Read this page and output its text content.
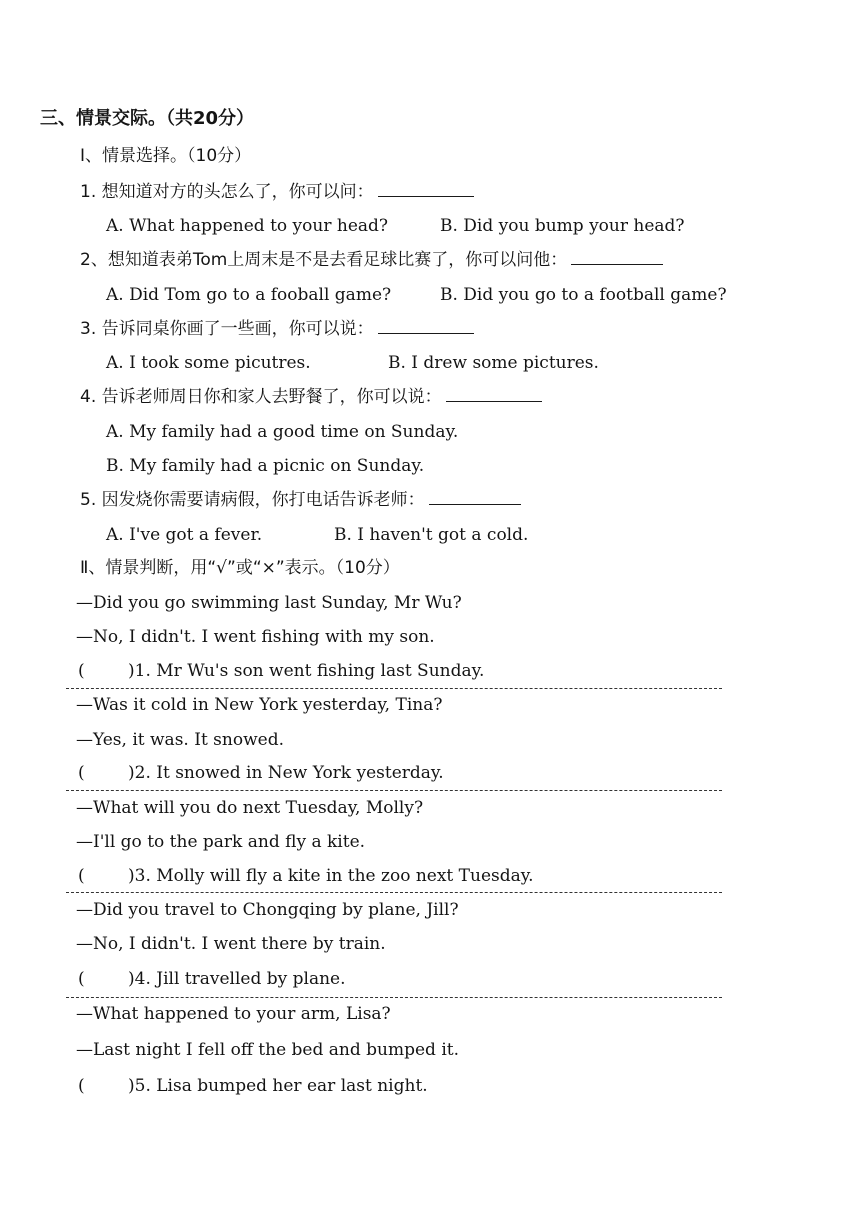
三、情景交际。（共20分）
Ⅰ、情景选择。（10分）
1. 想知道对方的头怎么了，你可以问：
A. What happened to your head?	B. Did you bump your head?
2、想知道表弟Tom上周末是不是去看足球比赛了，你可以问他：
A. Did Tom go to a fooball game?	B. Did you go to a football game?
3. 告诉同桌你画了一些画，你可以说：
A. I took some picutres.	B. I drew some pictures.
4. 告诉老师周日你和家人去野餐了，你可以说：
A. My family had a good time on Sunday.
B. My family had a picnic on Sunday.
5. 因发烧你需要请病假，你打电话告诉老师：
A. I've got a fever.	B. I haven't got a cold.
Ⅱ、情景判断，用“√”或“×”表示。（10分）
—Did you go swimming last Sunday, Mr Wu?
—No, I didn't. I went fishing with my son.
(	)1. Mr Wu's son went fishing last Sunday.
—Was it cold in New York yesterday, Tina?
—Yes, it was. It snowed.
(	)2. It snowed in New York yesterday.
—What will you do next Tuesday, Molly?
—I'll go to the park and fly a kite.
(	)3. Molly will fly a kite in the zoo next Tuesday.
—Did you travel to Chongqing by plane, Jill?
—No, I didn't. I went there by train.
(	)4. Jill travelled by plane.
—What happened to your arm, Lisa?
—Last night I fell off the bed and bumped it.
(	)5. Lisa bumped her ear last night.
